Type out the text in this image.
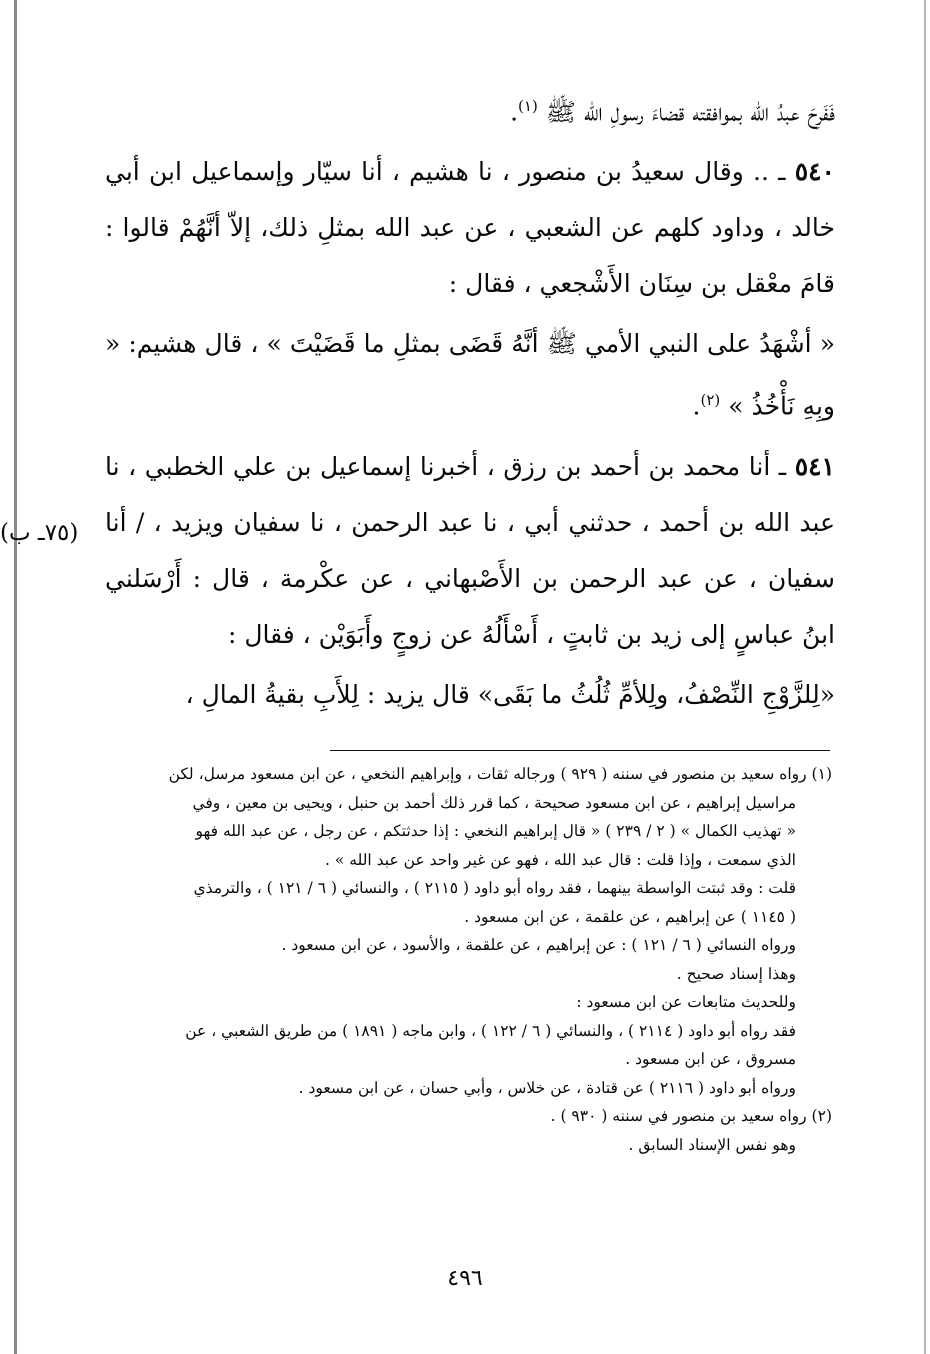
فَفَرِحَ عبدُ الله بموافقته قضاءَ رسولِ الله ﷺ $^{(١)}$.

٥٤٠ ـ .. وقال سعيدُ بن منصور ، نا هشيم ، أنا سيّار وإسماعيل ابن أبي خالد ، وداود كلهم عن الشعبي ، عن عبد الله بمثلِ ذلك، إلاّ أنَّهُمْ قالوا : قامَ معْقل بن سِنَان الأَشْجعي ، فقال :

« أشْهَدُ على النبي الأمي ﷺ أنَّهُ قَضَى بمثلِ ما قَضَيْتَ » ، قال هشيم: « وبِهِ نَأْخُذُ » $^{(٢)}$.

٥٤١ ـ أنا محمد بن أحمد بن رزق ، أخبرنا إسماعيل بن علي الخطبي ، نا عبد الله بن أحمد ، حدثني أبي ، نا عبد الرحمن ، نا سفيان ويزيد ، / أنا سفيان ، عن عبد الرحمن بن الأَصْبهاني ، عن عكْرمة ، قال : أَرْسَلني ابنُ عباسٍ إلى زيد بن ثابتٍ ، أَسْأَلُهُ عن زوجٍ وأَبَوَيْن ، فقال :

«لِلزَّوْجِ النِّصْفُ، ولِلأمِّ ثُلُثُ ما بَقَى» قال يزيد : لِلأَبِ بقيةُ المالِ ،

(٧٥ـ ب)

(١) رواه سعيد بن منصور في سننه ( ٩٢٩ ) ورجاله ثقات ، وإبراهيم النخعي ، عن ابن مسعود مرسل، لكن

مراسيل إبراهيم ، عن ابن مسعود صحيحة ، كما قرر ذلك أحمد بن حنبل ، ويحيى بن معين ، وفي

« تهذيب الكمال » ( ٢ / ٢٣٩ ) « قال إبراهيم النخعي : إذا حدثتكم ، عن رجل ، عن عبد الله فهو

الذي سمعت ، وإذا قلت : قال عبد الله ، فهو عن غير واحد عن عبد الله » .

قلت : وقد ثبتت الواسطة بينهما ، فقد رواه أبو داود ( ٢١١٥ ) ، والنسائي ( ٦ / ١٢١ ) ، والترمذي

( ١١٤٥ ) عن إبراهيم ، عن علقمة ، عن ابن مسعود .

ورواه النسائي ( ٦ / ١٢١ ) : عن إبراهيم ، عن علقمة ، والأسود ، عن ابن مسعود .

وهذا إسناد صحيح .

وللحديث متابعات عن ابن مسعود :

فقد رواه أبو داود ( ٢١١٤ ) ، والنسائي ( ٦ / ١٢٢ ) ، وابن ماجه ( ١٨٩١ ) من طريق الشعبي ، عن

مسروق ، عن ابن مسعود .

ورواه أبو داود ( ٢١١٦ ) عن قتادة ، عن خلاس ، وأبي حسان ، عن ابن مسعود .

(٢) رواه سعيد بن منصور في سننه ( ٩٣٠ ) .

وهو نفس الإسناد السابق .

٤٩٦
